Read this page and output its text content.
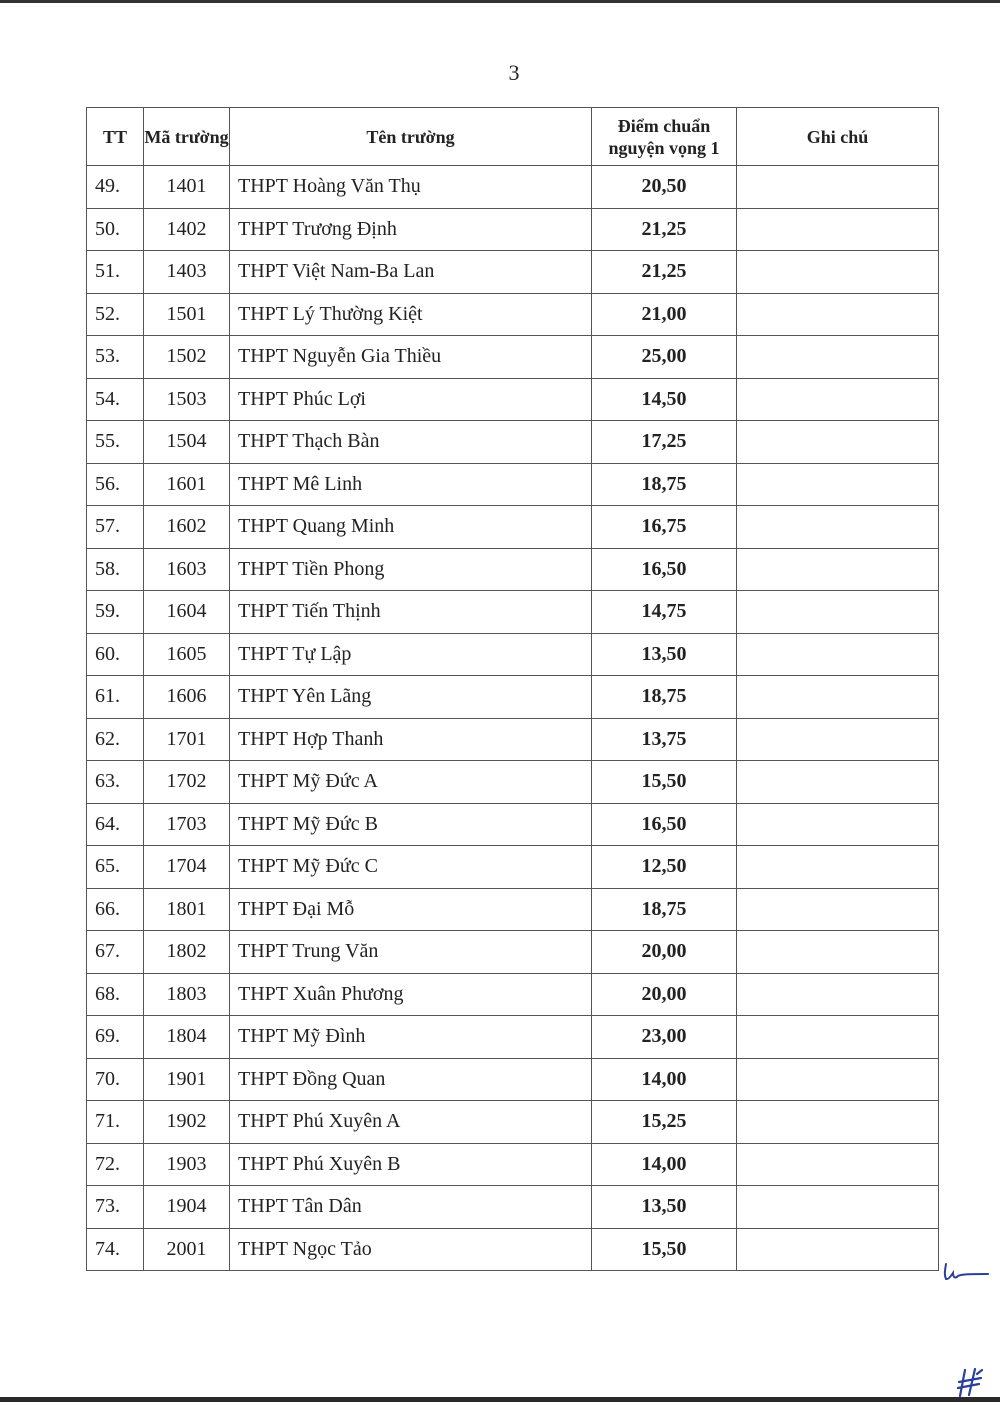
3
TT	Mã trường	Tên trường	Điểm chuẩn nguyện vọng 1	Ghi chú
49.	1401	THPT Hoàng Văn Thụ	20,50	
50.	1402	THPT Trương Định	21,25	
51.	1403	THPT Việt Nam-Ba Lan	21,25	
52.	1501	THPT Lý Thường Kiệt	21,00	
53.	1502	THPT Nguyễn Gia Thiều	25,00	
54.	1503	THPT Phúc Lợi	14,50	
55.	1504	THPT Thạch Bàn	17,25	
56.	1601	THPT Mê Linh	18,75	
57.	1602	THPT Quang Minh	16,75	
58.	1603	THPT Tiền Phong	16,50	
59.	1604	THPT Tiến Thịnh	14,75	
60.	1605	THPT Tự Lập	13,50	
61.	1606	THPT Yên Lãng	18,75	
62.	1701	THPT Hợp Thanh	13,75	
63.	1702	THPT Mỹ Đức A	15,50	
64.	1703	THPT Mỹ Đức B	16,50	
65.	1704	THPT Mỹ Đức C	12,50	
66.	1801	THPT Đại Mỗ	18,75	
67.	1802	THPT Trung Văn	20,00	
68.	1803	THPT Xuân Phương	20,00	
69.	1804	THPT Mỹ Đình	23,00	
70.	1901	THPT Đồng Quan	14,00	
71.	1902	THPT Phú Xuyên A	15,25	
72.	1903	THPT Phú Xuyên B	14,00	
73.	1904	THPT Tân Dân	13,50	
74.	2001	THPT Ngọc Tảo	15,50	
